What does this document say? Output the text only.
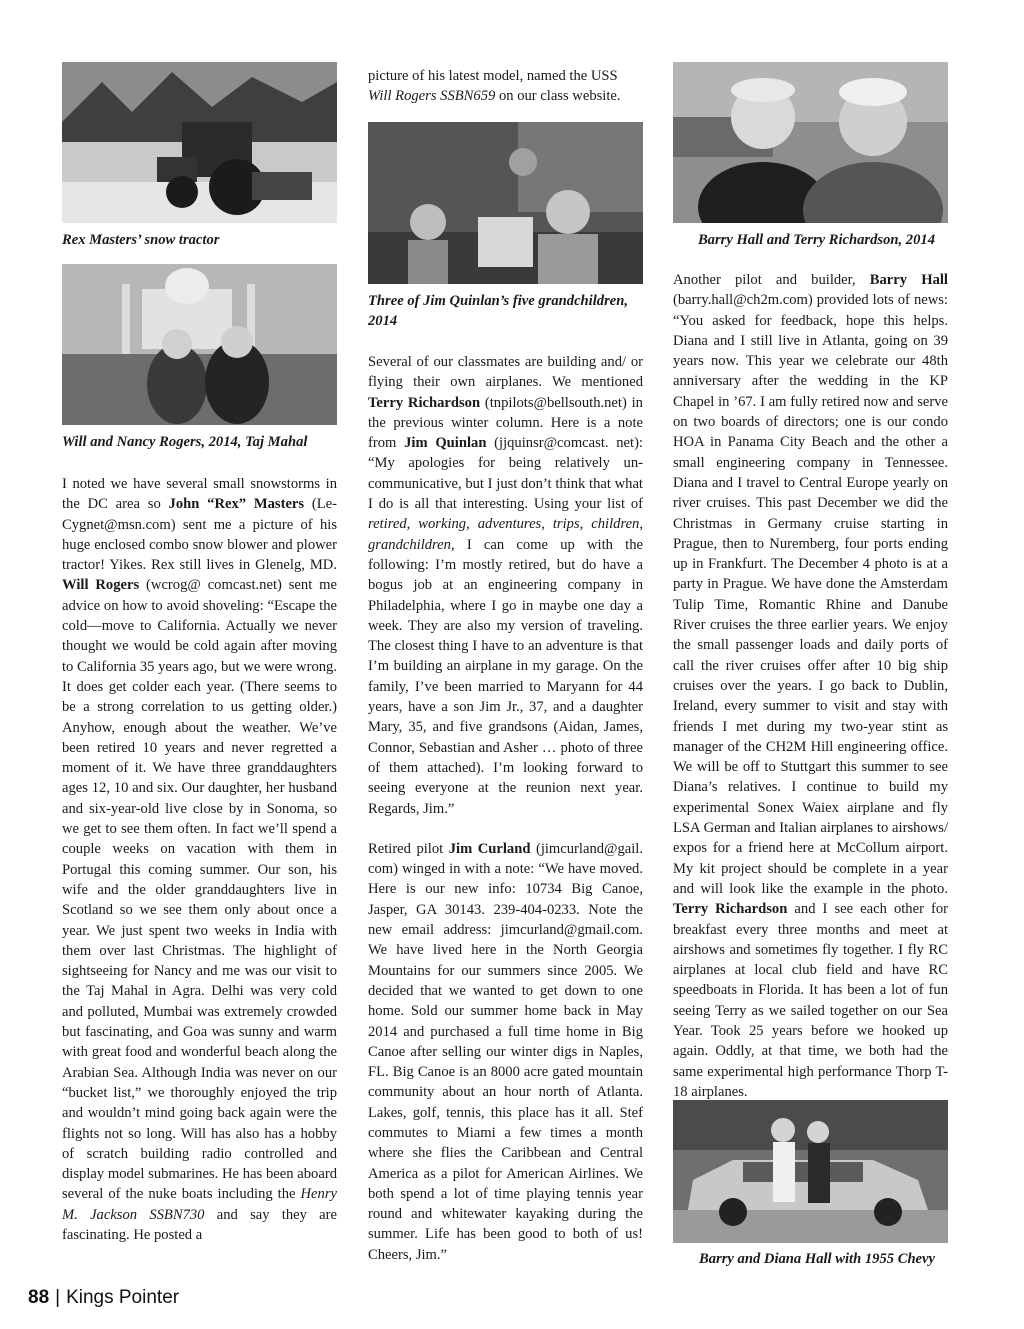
Rex Masters’ snow tractor
Will and Nancy Rogers, 2014, Taj Mahal
Three of Jim Quinlan’s five grandchildren, 2014
Barry Hall and Terry Richardson, 2014
Barry and Diana Hall with 1955 Chevy

I noted we have several small snowstorms in the DC area so John “Rex” Masters (Le-Cygnet@msn.com) sent me a picture of his huge enclosed combo snow blower and plower tractor! Yikes. Rex still lives in Glenelg, MD. Will Rogers (wcrog@ comcast.net) sent me advice on how to avoid shoveling: “Escape the cold—move to California. Actually we never thought we would be cold again after moving to California 35 years ago, but we were wrong. It does get colder each year. (There seems to be a strong correlation to us getting older.) Anyhow, enough about the weather. We’ve been retired 10 years and never regretted a moment of it. We have three granddaughters ages 12, 10 and six. Our daughter, her husband and six-year-old live close by in Sonoma, so we get to see them often. In fact we’ll spend a couple weeks on vacation with them in Portugal this coming summer. Our son, his wife and the older granddaughters live in Scotland so we see them only about once a year. We just spent two weeks in India with them over last Christmas. The highlight of sightseeing for Nancy and me was our visit to the Taj Mahal in Agra. Delhi was very cold and polluted, Mumbai was extremely crowded but fascinating, and Goa was sunny and warm with great food and wonderful beach along the Arabian Sea. Although India was never on our “bucket list,” we thoroughly enjoyed the trip and wouldn’t mind going back again were the flights not so long. Will has also has a hobby of scratch building radio controlled and display model submarines. He has been aboard several of the nuke boats including the Henry M. Jackson SSBN730 and say they are fascinating. He posted a

picture of his latest model, named the USS Will Rogers SSBN659 on our class website.

Several of our classmates are building and/ or flying their own airplanes. We mentioned Terry Richardson (tnpilots@bellsouth.net) in the previous winter column. Here is a note from Jim Quinlan (jjquinsr@comcast. net): “My apologies for being relatively un-communicative, but I just don’t think that what I do is all that interesting. Using your list of retired, working, adventures, trips, children, grandchildren, I can come up with the following: I’m mostly retired, but do have a bogus job at an engineering company in Philadelphia, where I go in maybe one day a week. They are also my version of traveling. The closest thing I have to an adventure is that I’m building an airplane in my garage. On the family, I’ve been married to Maryann for 44 years, have a son Jim Jr., 37, and a daughter Mary, 35, and five grandsons (Aidan, James, Connor, Sebastian and Asher … photo of three of them attached). I’m looking forward to seeing everyone at the reunion next year. Regards, Jim.”

Retired pilot Jim Curland (jimcurland@gail. com) winged in with a note: “We have moved. Here is our new info: 10734 Big Canoe, Jasper, GA 30143. 239-404-0233. Note the new email address: jimcurland@gmail.com. We have lived here in the North Georgia Mountains for our summers since 2005. We decided that we wanted to get down to one home. Sold our summer home back in May 2014 and purchased a full time home in Big Canoe after selling our winter digs in Naples, FL. Big Canoe is an 8000 acre gated mountain community about an hour north of Atlanta. Lakes, golf, tennis, this place has it all. Stef commutes to Miami a few times a month where she flies the Caribbean and Central America as a pilot for American Airlines. We both spend a lot of time playing tennis year round and whitewater kayaking during the summer. Life has been good to both of us! Cheers, Jim.”

Another pilot and builder, Barry Hall (barry.hall@ch2m.com) provided lots of news: “You asked for feedback, hope this helps. Diana and I still live in Atlanta, going on 39 years now. This year we celebrate our 48th anniversary after the wedding in the KP Chapel in ’67. I am fully retired now and serve on two boards of directors; one is our condo HOA in Panama City Beach and the other a small engineering company in Tennessee. Diana and I travel to Central Europe yearly on river cruises. This past December we did the Christmas in Germany cruise starting in Prague, then to Nuremberg, four ports ending up in Frankfurt. The December 4 photo is at a party in Prague. We have done the Amsterdam Tulip Time, Romantic Rhine and Danube River cruises the three earlier years. We enjoy the small passenger loads and daily ports of call the river cruises offer after 10 big ship cruises over the years. I go back to Dublin, Ireland, every summer to visit and stay with friends I met during my two-year stint as manager of the CH2M Hill engineering office. We will be off to Stuttgart this summer to see Diana’s relatives. I continue to build my experimental Sonex Waiex airplane and fly LSA German and Italian airplanes to airshows/ expos for a friend here at McCollum airport. My kit project should be complete in a year and will look like the example in the photo. Terry Richardson and I see each other for breakfast every three months and meet at airshows and sometimes fly together. I fly RC airplanes at local club field and have RC speedboats in Florida. It has been a lot of fun seeing Terry as we sailed together on our Sea Year. Took 25 years before we hooked up again. Oddly, at that time, we both had the same experimental high performance Thorp T-18 airplanes.

88 | Kings Pointer
